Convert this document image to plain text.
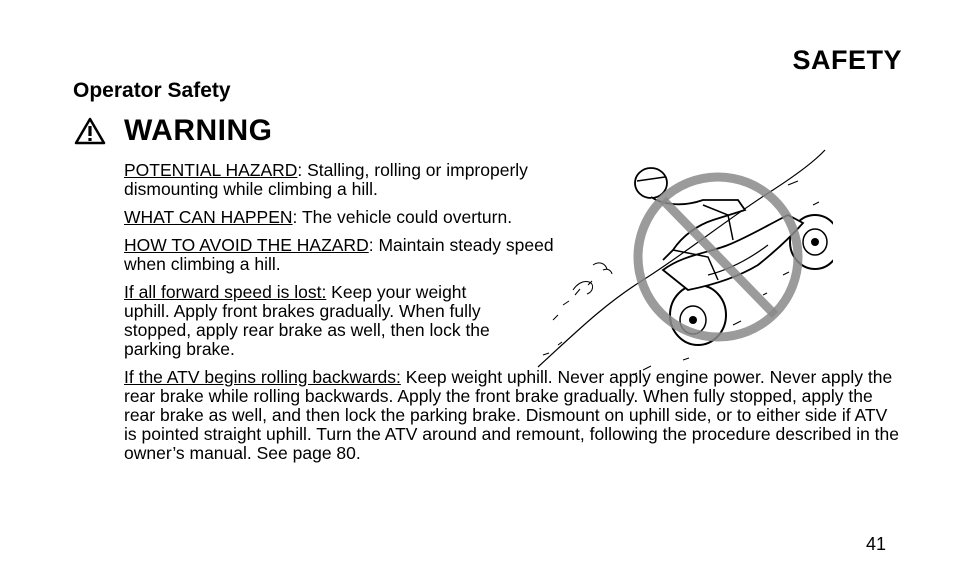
SAFETY
Operator Safety
WARNING

POTENTIAL HAZARD: Stalling, rolling or improperly dismounting while climbing a hill.

WHAT CAN HAPPEN: The vehicle could overturn.

HOW TO AVOID THE HAZARD: Maintain steady speed when climbing a hill.

If all forward speed is lost: Keep your weight uphill. Apply front brakes gradually. When fully stopped, apply rear brake as well, then lock the parking brake.

If the ATV begins rolling backwards: Keep weight uphill. Never apply engine power. Never apply the rear brake while rolling backwards. Apply the front brake gradually. When fully stopped, apply the rear brake as well, and then lock the parking brake. Dismount on uphill side, or to either side if ATV is pointed straight uphill. Turn the ATV around and remount, following the procedure described in the owner’s manual. See page 80.

41
